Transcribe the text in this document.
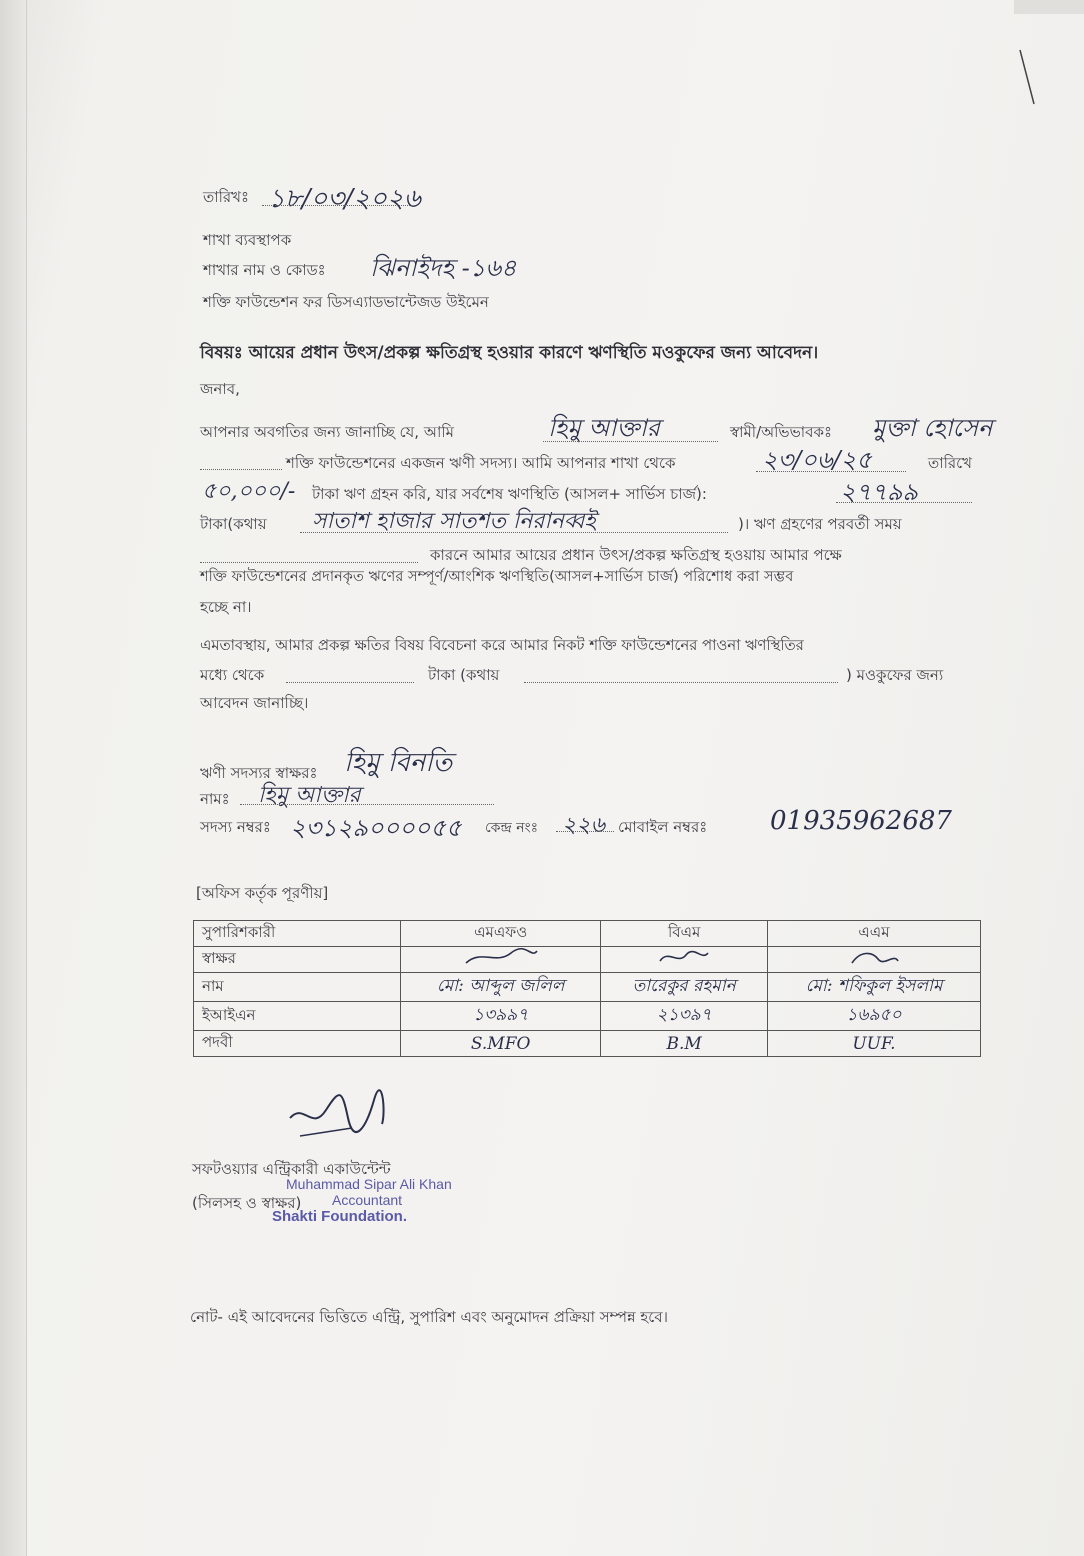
তারিখঃ ১৮/০৩/২০২৬
শাখা ব্যবস্থাপক
শাখার নাম ও কোডঃ ঝিনাইদহ -১৬৪
শক্তি ফাউন্ডেশন ফর ডিসএ্যাডভান্টেজড উইমেন
বিষয়ঃ আয়ের প্রধান উৎস/প্রকল্প ক্ষতিগ্রস্থ হওয়ার কারণে ঋণস্থিতি মওকুফের জন্য আবেদন।
জনাব,
আপনার অবগতির জন্য জানাচ্ছি যে, আমি	হিমু আক্তার	স্বামী/অভিভাবকঃ মুক্তা হোসেন
শক্তি ফাউন্ডেশনের একজন ঋণী সদস্য। আমি আপনার শাখা থেকে	২৩/০৬/২৫	তারিখে
৫০,০০০/- টাকা ঋণ গ্রহন করি, যার সর্বশেষ ঋণস্থিতি (আসল+ সার্ভিস চার্জ):	২৭৭৯৯
টাকা(কথায় সাতাশ হাজার সাতশত নিরানব্বই	)। ঋণ গ্রহণের পরবর্তী সময়
কারনে আমার আয়ের প্রধান উৎস/প্রকল্প ক্ষতিগ্রস্থ হওয়ায় আমার পক্ষে
শক্তি ফাউন্ডেশনের প্রদানকৃত ঋণের সম্পূর্ণ/আংশিক ঋণস্থিতি(আসল+সার্ভিস চার্জ) পরিশোধ করা সম্ভব
হচ্ছে না।
এমতাবস্থায়, আমার প্রকল্প ক্ষতির বিষয় বিবেচনা করে আমার নিকট শক্তি ফাউন্ডেশনের পাওনা ঋণস্থিতির
মধ্যে থেকে	টাকা (কথায়	) মওকুফের জন্য
আবেদন জানাচ্ছি।
ঋণী সদস্যর স্বাক্ষরঃ হিমু বিনতি
নামঃ হিমু আক্তার
সদস্য নম্বরঃ ২৩১২৯০০০০৫৫ কেন্দ্র নংঃ ২২৬ মোবাইল নম্বরঃ 01935962687
[অফিস কর্তৃক পূরণীয়]
সুপারিশকারী	এমএফও	বিএম	এএম
স্বাক্ষর			
নাম	মো: আব্দুল জলিল	তারেকুর রহমান	মো: শফিকুল ইসলাম
ইআইএন	১৩৯৯৭	২১৩৯৭	১৬৯৫০
পদবী	S.MFO	B.M	UUF.
সফটওয়্যার এন্ট্রিকারী একাউন্টেন্ট
(সিলসহ ও স্বাক্ষর)
Muhammad Sipar Ali Khan
Accountant
Shakti Foundation.
নোট- এই আবেদনের ভিত্তিতে এন্ট্রি, সুপারিশ এবং অনুমোদন প্রক্রিয়া সম্পন্ন হবে।
